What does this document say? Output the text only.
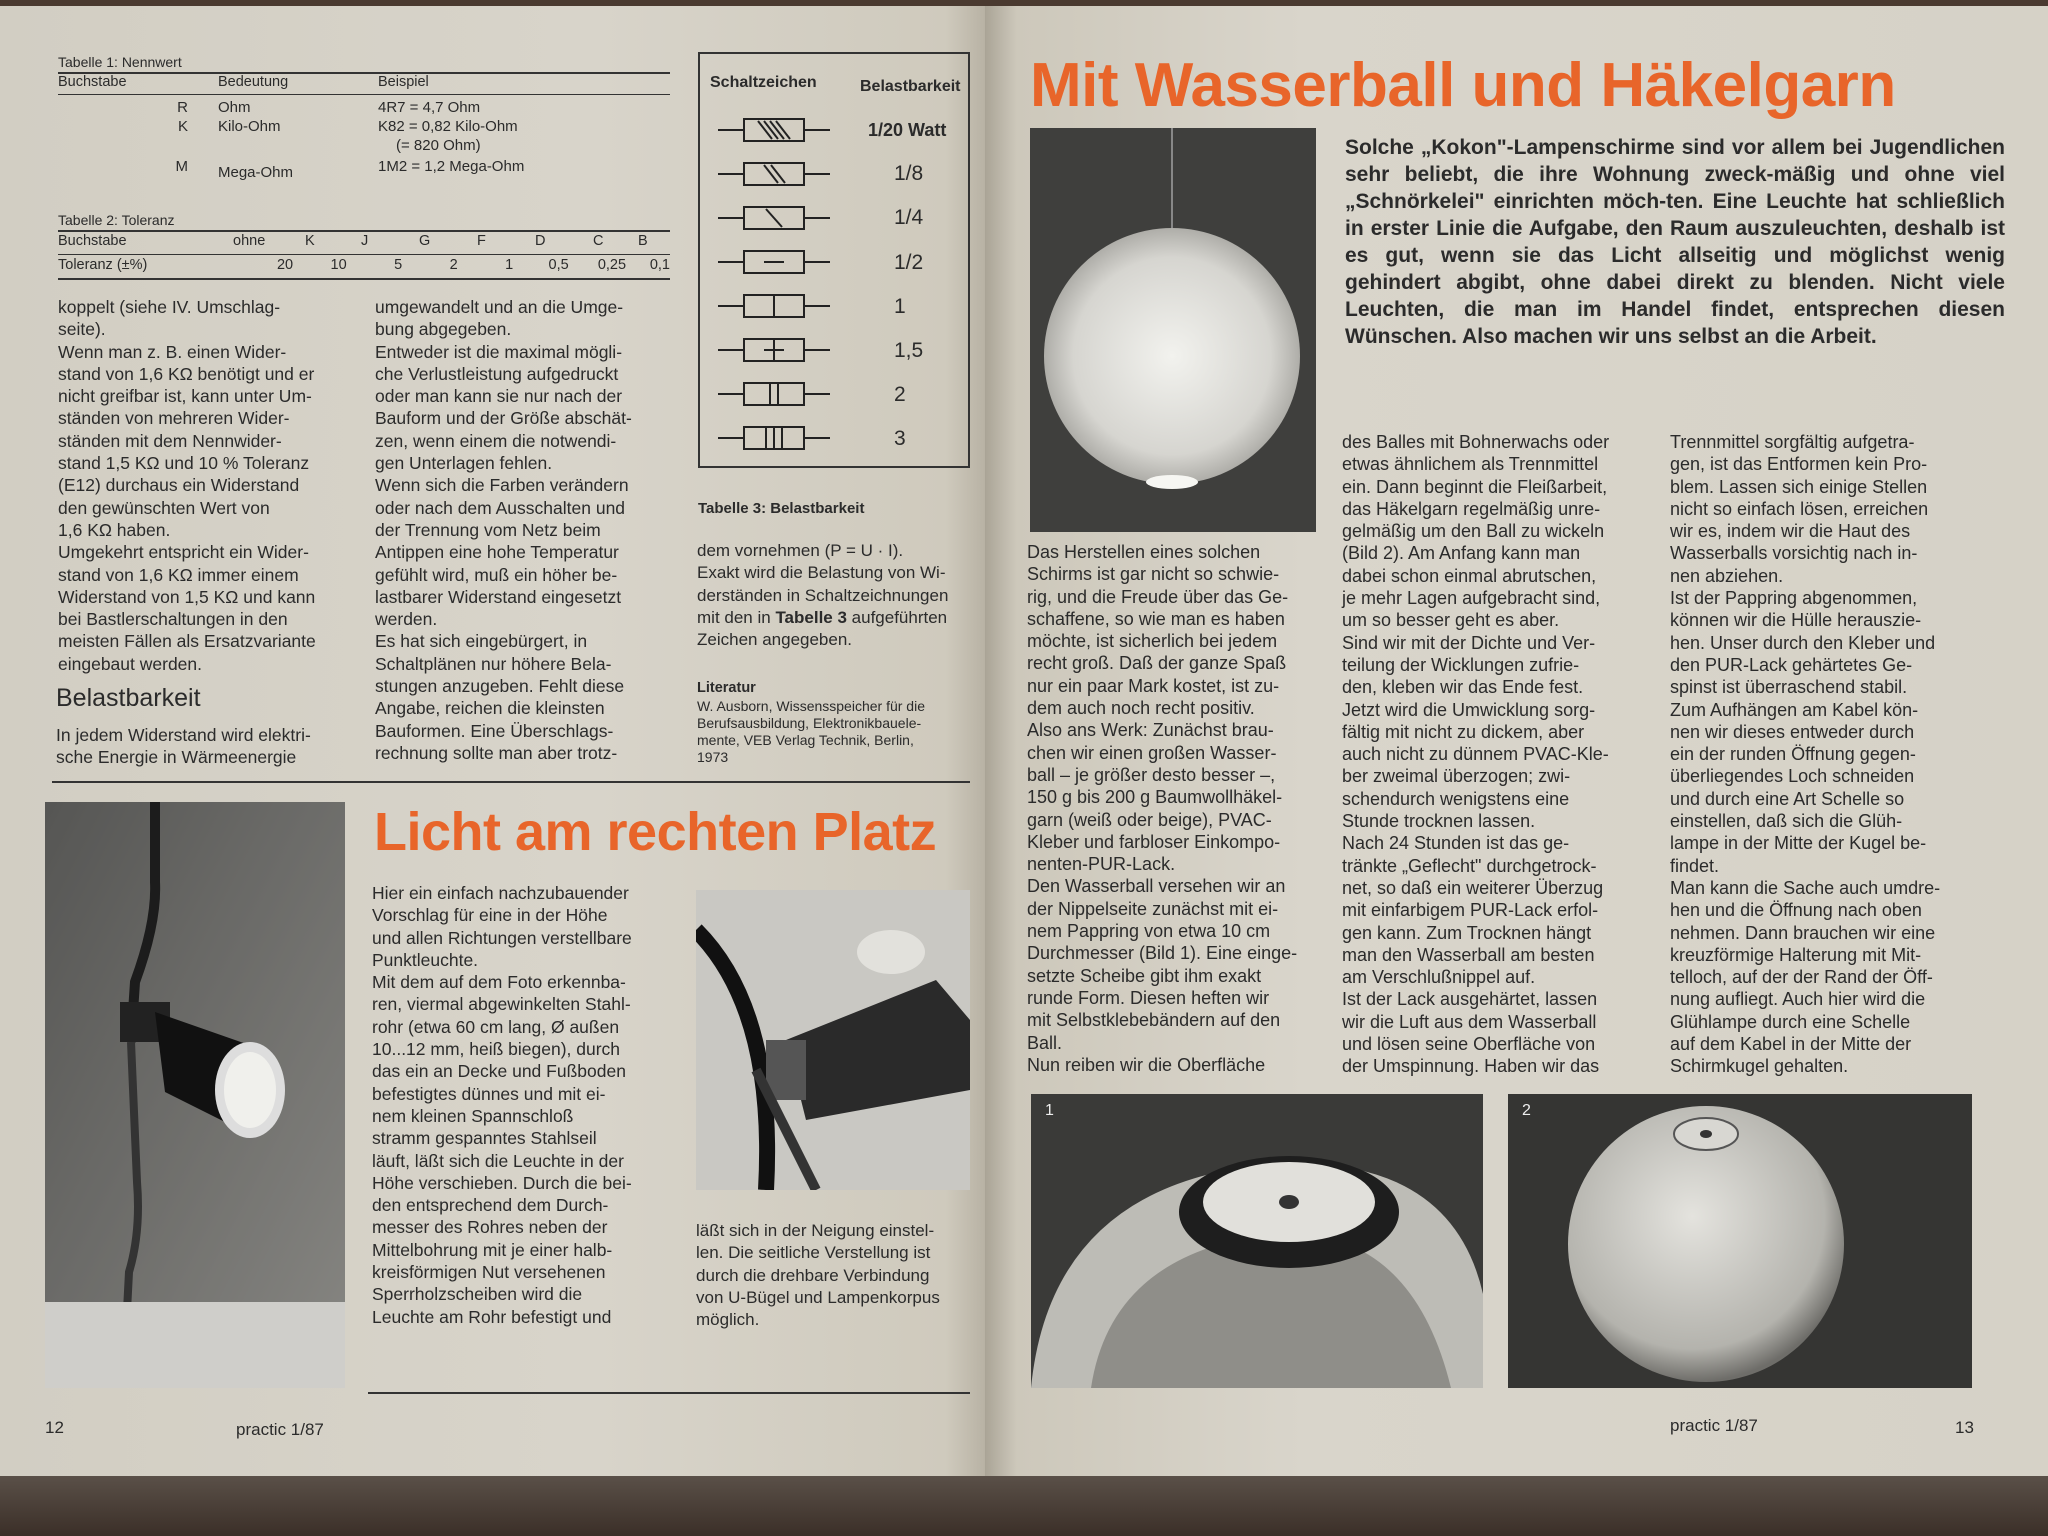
Tabelle 1: Nennwert
Buchstabe	Bedeutung	Beispiel
R	Ohm	4R7 = 4,7 Ohm
K	Kilo-Ohm	K82 = 0,82 Kilo-Ohm
(= 820 Ohm)
M	Mega-Ohm	1M2 = 1,2 Mega-Ohm
Tabelle 2: Toleranz
Buchstabe	ohne	K	J	G	F	D	C	B
Toleranz (±%)	20	10	5	2	1	0,5	0,25	0,1
Schaltzeichen	Belastbarkeit
1/20 Watt
1/8
1/4
1/2
1
1,5
2
3
Tabelle 3: Belastbarkeit
koppelt (siehe IV. Umschlag-
seite).
Wenn man z. B. einen Wider-
stand von 1,6 KΩ benötigt und er
nicht greifbar ist, kann unter Um-
ständen von mehreren Wider-
ständen mit dem Nennwider-
stand 1,5 KΩ und 10 % Toleranz
(E12) durchaus ein Widerstand
den gewünschten Wert von
1,6 KΩ haben.
Umgekehrt entspricht ein Wider-
stand von 1,6 KΩ immer einem
Widerstand von 1,5 KΩ und kann
bei Bastlerschaltungen in den
meisten Fällen als Ersatzvariante
eingebaut werden.
Belastbarkeit
In jedem Widerstand wird elektri-
sche Energie in Wärmeenergie
umgewandelt und an die Umge-
bung abgegeben.
Entweder ist die maximal mögli-
che Verlustleistung aufgedruckt
oder man kann sie nur nach der
Bauform und der Größe abschät-
zen, wenn einem die notwendi-
gen Unterlagen fehlen.
Wenn sich die Farben verändern
oder nach dem Ausschalten und
der Trennung vom Netz beim
Antippen eine hohe Temperatur
gefühlt wird, muß ein höher be-
lastbarer Widerstand eingesetzt
werden.
Es hat sich eingebürgert, in
Schaltplänen nur höhere Bela-
stungen anzugeben. Fehlt diese
Angabe, reichen die kleinsten
Bauformen. Eine Überschlags-
rechnung sollte man aber trotz-
dem vornehmen (P = U · I).
Exakt wird die Belastung von Wi-
derständen in Schaltzeichnungen
mit den in Tabelle 3 aufgeführten
Zeichen angegeben.
Literatur
W. Ausborn, Wissensspeicher für die
Berufsausbildung, Elektronikbauele-
mente, VEB Verlag Technik, Berlin,
1973
Licht am rechten Platz
Hier ein einfach nachzubauender
Vorschlag für eine in der Höhe
und allen Richtungen verstellbare
Punktleuchte.
Mit dem auf dem Foto erkennba-
ren, viermal abgewinkelten Stahl-
rohr (etwa 60 cm lang, Ø außen
10...12 mm, heiß biegen), durch
das ein an Decke und Fußboden
befestigtes dünnes und mit ei-
nem kleinen Spannschloß
stramm gespanntes Stahlseil
läuft, läßt sich die Leuchte in der
Höhe verschieben. Durch die bei-
den entsprechend dem Durch-
messer des Rohres neben der
Mittelbohrung mit je einer halb-
kreisförmigen Nut versehenen
Sperrholzscheiben wird die
Leuchte am Rohr befestigt und
läßt sich in der Neigung einstel-
len. Die seitliche Verstellung ist
durch die drehbare Verbindung
von U-Bügel und Lampenkorpus
möglich.
12	practic 1/87
Mit Wasserball und Häkelgarn
Solche „Kokon"-Lampenschirme sind vor allem bei Jugendlichen sehr beliebt, die ihre Wohnung zweck-mäßig und ohne viel „Schnörkelei" einrichten möch-ten. Eine Leuchte hat schließlich in erster Linie die Aufgabe, den Raum auszuleuchten, deshalb ist es gut, wenn sie das Licht allseitig und möglichst wenig gehindert abgibt, ohne dabei direkt zu blenden. Nicht viele Leuchten, die man im Handel findet, entsprechen diesen Wünschen. Also machen wir uns selbst an die Arbeit.
Das Herstellen eines solchen
Schirms ist gar nicht so schwie-
rig, und die Freude über das Ge-
schaffene, so wie man es haben
möchte, ist sicherlich bei jedem
recht groß. Daß der ganze Spaß
nur ein paar Mark kostet, ist zu-
dem auch noch recht positiv.
Also ans Werk: Zunächst brau-
chen wir einen großen Wasser-
ball – je größer desto besser –,
150 g bis 200 g Baumwollhäkel-
garn (weiß oder beige), PVAC-
Kleber und farbloser Einkompo-
nenten-PUR-Lack.
Den Wasserball versehen wir an
der Nippelseite zunächst mit ei-
nem Pappring von etwa 10 cm
Durchmesser (Bild 1). Eine einge-
setzte Scheibe gibt ihm exakt
runde Form. Diesen heften wir
mit Selbstklebebändern auf den
Ball.
Nun reiben wir die Oberfläche
des Balles mit Bohnerwachs oder
etwas ähnlichem als Trennmittel
ein. Dann beginnt die Fleißarbeit,
das Häkelgarn regelmäßig unre-
gelmäßig um den Ball zu wickeln
(Bild 2). Am Anfang kann man
dabei schon einmal abrutschen,
je mehr Lagen aufgebracht sind,
um so besser geht es aber.
Sind wir mit der Dichte und Ver-
teilung der Wicklungen zufrie-
den, kleben wir das Ende fest.
Jetzt wird die Umwicklung sorg-
fältig mit nicht zu dickem, aber
auch nicht zu dünnem PVAC-Kle-
ber zweimal überzogen; zwi-
schendurch wenigstens eine
Stunde trocknen lassen.
Nach 24 Stunden ist das ge-
tränkte „Geflecht" durchgetrock-
net, so daß ein weiterer Überzug
mit einfarbigem PUR-Lack erfol-
gen kann. Zum Trocknen hängt
man den Wasserball am besten
am Verschlußnippel auf.
Ist der Lack ausgehärtet, lassen
wir die Luft aus dem Wasserball
und lösen seine Oberfläche von
der Umspinnung. Haben wir das
Trennmittel sorgfältig aufgetra-
gen, ist das Entformen kein Pro-
blem. Lassen sich einige Stellen
nicht so einfach lösen, erreichen
wir es, indem wir die Haut des
Wasserballs vorsichtig nach in-
nen abziehen.
Ist der Pappring abgenommen,
können wir die Hülle herauszie-
hen. Unser durch den Kleber und
den PUR-Lack gehärtetes Ge-
spinst ist überraschend stabil.
Zum Aufhängen am Kabel kön-
nen wir dieses entweder durch
ein der runden Öffnung gegen-
überliegendes Loch schneiden
und durch eine Art Schelle so
einstellen, daß sich die Glüh-
lampe in der Mitte der Kugel be-
findet.
Man kann die Sache auch umdre-
hen und die Öffnung nach oben
nehmen. Dann brauchen wir eine
kreuzförmige Halterung mit Mit-
telloch, auf der der Rand der Öff-
nung aufliegt. Auch hier wird die
Glühlampe durch eine Schelle
auf dem Kabel in der Mitte der
Schirmkugel gehalten.
1	2
practic 1/87	13
